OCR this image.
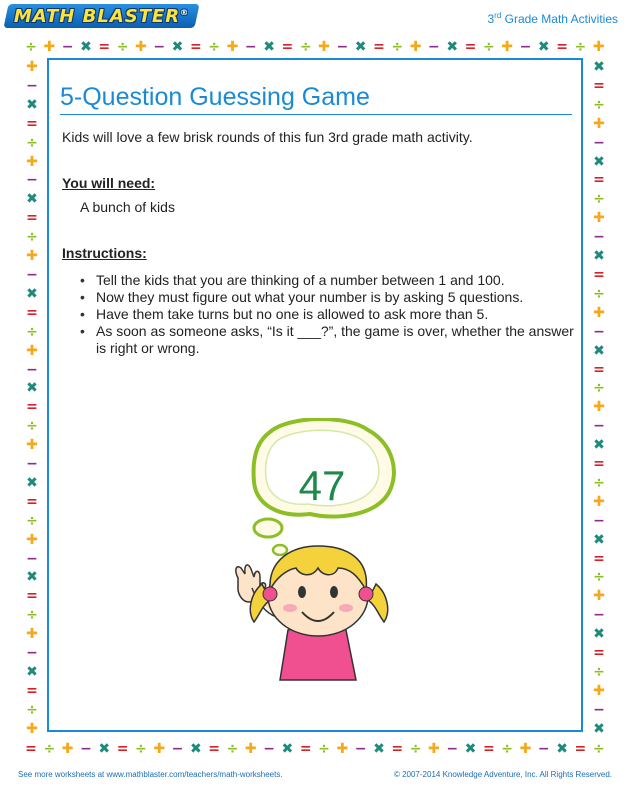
MATH BLASTER®	3rd Grade Math Activities
÷ ✚ − ✖ = ÷ ✚ − ✖ = ÷ ✚ − ✖ = ÷ ✚ − ✖ = ÷ ✚ − ✖ = ÷ ✚ − ✖ = ÷ ✚
= ÷ ✚ − ✖ = ÷ ✚ − ✖ = ÷ ✚ − ✖ = ÷ ✚ − ✖ = ÷ ✚ − ✖ = ÷ ✚ − ✖ = ÷
✚
−
✖
=
÷
✚
−
✖
=
÷
✚
−
✖
=
÷
✚
−
✖
=
÷
✚
−
✖
=
÷
✚
−
✖
=
÷
✚
−
✖
=
÷
✚
✖
=
÷
✚
−
✖
=
÷
✚
−
✖
=
÷
✚
−
✖
=
÷
✚
−
✖
=
÷
✚
−
✖
=
÷
✚
−
✖
=
÷
✚
−
✖
5-Question Guessing Game
Kids will love a few brisk rounds of this fun 3rd grade math activity.
You will need:
A bunch of kids
Instructions:
• Tell the kids that you are thinking of a number between 1 and 100.
• Now they must figure out what your number is by asking 5 questions.
• Have them take turns but no one is allowed to ask more than 5.
• As soon as someone asks, “Is it ___?”, the game is over, whether the answer is right or wrong.
47
See more worksheets at www.mathblaster.com/teachers/math-worksheets.	© 2007-2014 Knowledge Adventure, Inc. All Rights Reserved.
